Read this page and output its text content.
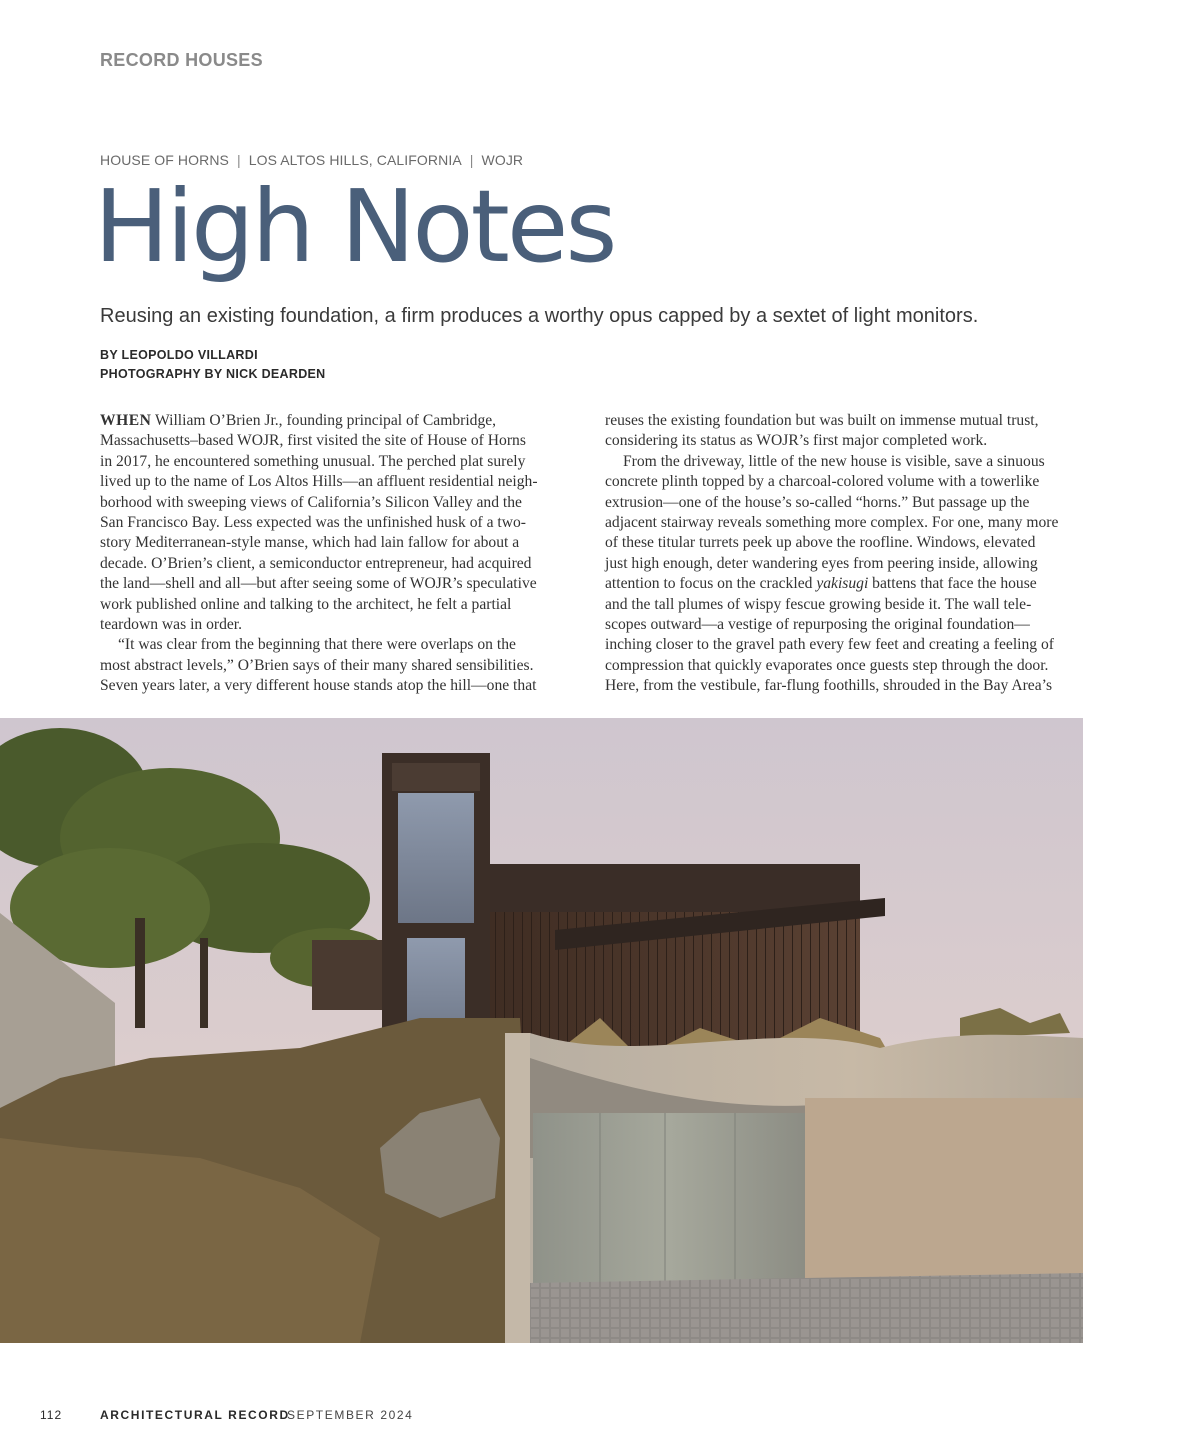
RECORD HOUSES
HOUSE OF HORNS | LOS ALTOS HILLS, CALIFORNIA | WOJR
High Notes
Reusing an existing foundation, a firm produces a worthy opus capped by a sextet of light monitors.
BY LEOPOLDO VILLARDI
PHOTOGRAPHY BY NICK DEARDEN

WHEN William O’Brien Jr., founding principal of Cambridge,
Massachusetts–based WOJR, first visited the site of House of Horns
in 2017, he encountered something unusual. The perched plat surely
lived up to the name of Los Altos Hills—an affluent residential neigh-
borhood with sweeping views of California’s Silicon Valley and the
San Francisco Bay. Less expected was the unfinished husk of a two-
story Mediterranean-style manse, which had lain fallow for about a
decade. O’Brien’s client, a semiconductor entrepreneur, had acquired
the land—shell and all—but after seeing some of WOJR’s speculative
work published online and talking to the architect, he felt a partial
teardown was in order.

“It was clear from the beginning that there were overlaps on the
most abstract levels,” O’Brien says of their many shared sensibilities.
Seven years later, a very different house stands atop the hill—one that

reuses the existing foundation but was built on immense mutual trust,
considering its status as WOJR’s first major completed work.

From the driveway, little of the new house is visible, save a sinuous
concrete plinth topped by a charcoal-colored volume with a towerlike
extrusion—one of the house’s so-called “horns.” But passage up the
adjacent stairway reveals something more complex. For one, many more
of these titular turrets peek up above the roofline. Windows, elevated
just high enough, deter wandering eyes from peering inside, allowing
attention to focus on the crackled yakisugi battens that face the house
and the tall plumes of wispy fescue growing beside it. The wall tele-
scopes outward—a vestige of repurposing the original foundation—
inching closer to the gravel path every few feet and creating a feeling of
compression that quickly evaporates once guests step through the door.
Here, from the vestibule, far-flung foothills, shrouded in the Bay Area’s

112	ARCHITECTURAL RECORD
SEPTEMBER 2024
